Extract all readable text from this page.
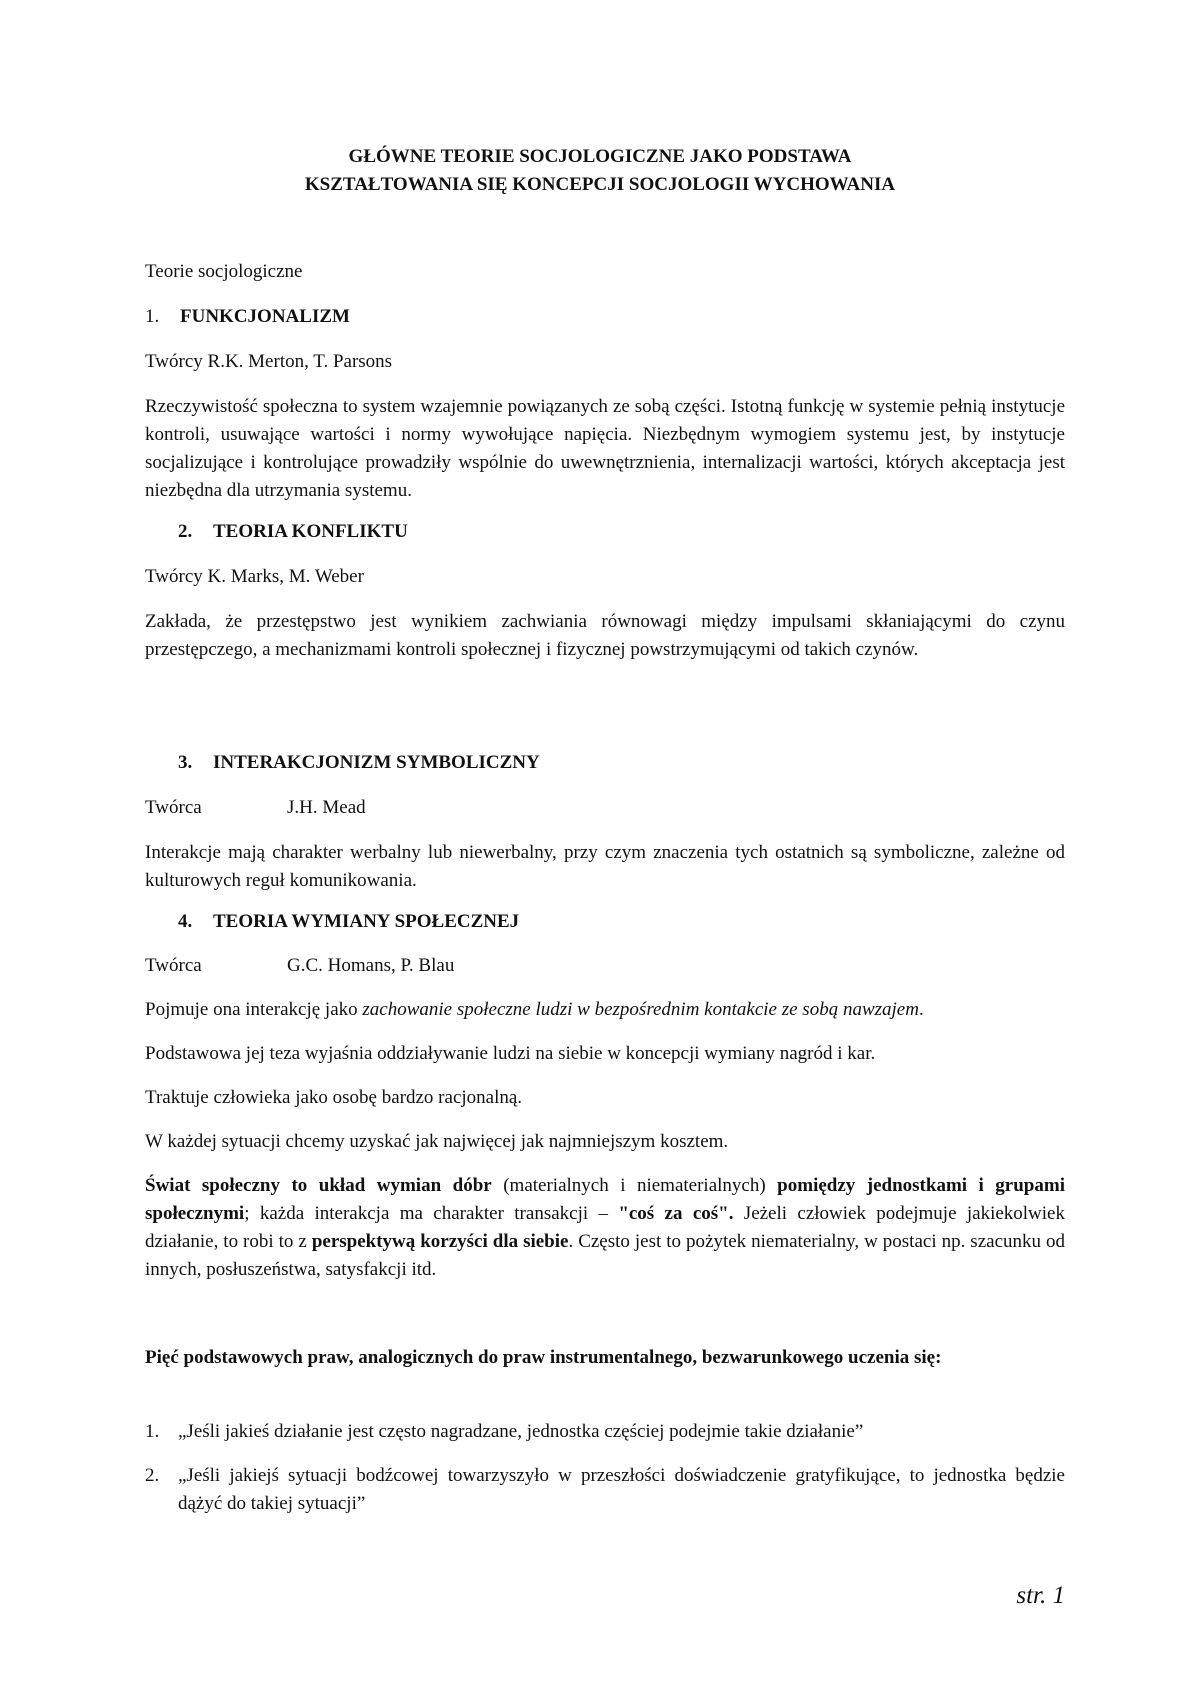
GŁÓWNE TEORIE SOCJOLOGICZNE JAKO PODSTAWA
KSZTAŁTOWANIA SIĘ KONCEPCJI SOCJOLOGII WYCHOWANIA
Teorie socjologiczne
1. FUNKCJONALIZM
Twórcy R.K. Merton, T. Parsons
Rzeczywistość społeczna to system wzajemnie powiązanych ze sobą części. Istotną funkcję w systemie pełnią instytucje kontroli, usuwające wartości i normy wywołujące napięcia. Niezbędnym wymogiem systemu jest, by instytucje socjalizujące i kontrolujące prowadziły wspólnie do uwewnętrznienia, internalizacji wartości, których akceptacja jest niezbędna dla utrzymania systemu.
2. TEORIA KONFLIKTU
Twórcy K. Marks, M. Weber
Zakłada, że przestępstwo jest wynikiem zachwiania równowagi między impulsami skłaniającymi do czynu przestępczego, a mechanizmami kontroli społecznej i fizycznej powstrzymującymi od takich czynów.
3. INTERAKCJONIZM SYMBOLICZNY
Twórca	J.H. Mead
Interakcje mają charakter werbalny lub niewerbalny, przy czym znaczenia tych ostatnich są symboliczne, zależne od kulturowych reguł komunikowania.
4. TEORIA WYMIANY SPOŁECZNEJ
Twórca	G.C. Homans, P. Blau
Pojmuje ona interakcję jako zachowanie społeczne ludzi w bezpośrednim kontakcie ze sobą nawzajem.
Podstawowa jej teza wyjaśnia oddziaływanie ludzi na siebie w koncepcji wymiany nagród i kar.
Traktuje człowieka jako osobę bardzo racjonalną.
W każdej sytuacji chcemy uzyskać jak najwięcej jak najmniejszym kosztem.
Świat społeczny to układ wymian dóbr (materialnych i niematerialnych) pomiędzy jednostkami i grupami społecznymi; każda interakcja ma charakter transakcji – "coś za coś". Jeżeli człowiek podejmuje jakiekolwiek działanie, to robi to z perspektywą korzyści dla siebie. Często jest to pożytek niematerialny, w postaci np. szacunku od innych, posłuszeństwa, satysfakcji itd.
Pięć podstawowych praw, analogicznych do praw instrumentalnego, bezwarunkowego uczenia się:
1. „Jeśli jakieś działanie jest często nagradzane, jednostka częściej podejmie takie działanie”
2. „Jeśli jakiejś sytuacji bodźcowej towarzyszyło w przeszłości doświadczenie gratyfikujące, to jednostka będzie dążyć do takiej sytuacji”
str. 1
